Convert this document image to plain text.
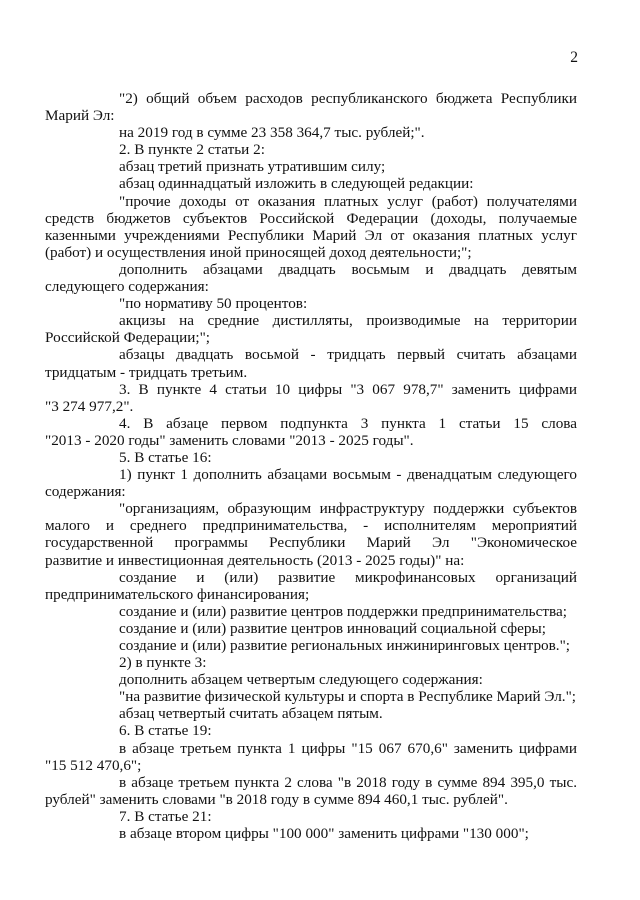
2
"2) общий объем расходов республиканского бюджета Республики
Марий Эл:
на 2019 год в сумме 23 358 364,7 тыс. рублей;".
2. В пункте 2 статьи 2:
абзац третий признать утратившим силу;
абзац одиннадцатый изложить в следующей редакции:
"прочие доходы от оказания платных услуг (работ) получателями
средств бюджетов субъектов Российской Федерации (доходы, получаемые
казенными учреждениями Республики Марий Эл от оказания платных услуг
(работ) и осуществления иной приносящей доход деятельности;";
дополнить абзацами двадцать восьмым и двадцать девятым
следующего содержания:
"по нормативу 50 процентов:
акцизы на средние дистилляты, производимые на территории
Российской Федерации;";
абзацы двадцать восьмой - тридцать первый считать абзацами
тридцатым - тридцать третьим.
3. В пункте 4 статьи 10 цифры "3 067 978,7" заменить цифрами
"3 274 977,2".
4. В абзаце первом подпункта 3 пункта 1 статьи 15 слова
"2013 - 2020 годы" заменить словами "2013 - 2025 годы".
5. В статье 16:
1) пункт 1 дополнить абзацами восьмым - двенадцатым следующего
содержания:
"организациям, образующим инфраструктуру поддержки субъектов
малого и среднего предпринимательства, - исполнителям мероприятий
государственной программы Республики Марий Эл "Экономическое
развитие и инвестиционная деятельность (2013 - 2025 годы)" на:
создание и (или) развитие микрофинансовых организаций
предпринимательского финансирования;
создание и (или) развитие центров поддержки предпринимательства;
создание и (или) развитие центров инноваций социальной сферы;
создание и (или) развитие региональных инжиниринговых центров.";
2) в пункте 3:
дополнить абзацем четвертым следующего содержания:
"на развитие физической культуры и спорта в Республике Марий Эл.";
абзац четвертый считать абзацем пятым.
6. В статье 19:
в абзаце третьем пункта 1 цифры "15 067 670,6" заменить цифрами
"15 512 470,6";
в абзаце третьем пункта 2 слова "в 2018 году в сумме 894 395,0 тыс.
рублей" заменить словами "в 2018 году в сумме 894 460,1 тыс. рублей".
7. В статье 21:
в абзаце втором цифры "100 000" заменить цифрами "130 000";
